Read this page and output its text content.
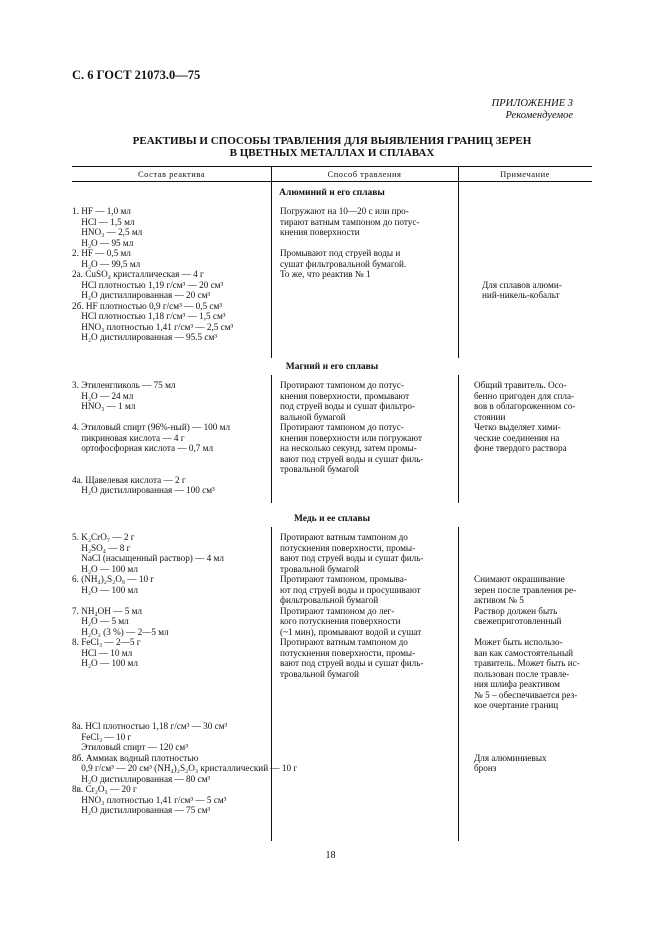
С. 6 ГОСТ 21073.0—75
ПРИЛОЖЕНИЕ 3
Рекомендуемое
РЕАКТИВЫ И СПОСОБЫ ТРАВЛЕНИЯ ДЛЯ ВЫЯВЛЕНИЯ ГРАНИЦ ЗЕРЕН
В ЦВЕТНЫХ МЕТАЛЛАХ И СПЛАВАХ
Состав реактива	Способ травления	Примечание
Алюминий и его сплавы
1. HF — 1,0 мл
HCl — 1,5 мл
HNO₃ — 2,5 мл
H₂O — 95 мл
2. HF — 0,5 мл
H₂O — 99,5 мл
2а. CuSO₄ кристаллическая — 4 г
HCl плотностью 1,19 г/см³ — 20 см³
H₂O дистиллированная — 20 см³
2б. HF плотностью 0,9 г/см³ — 0,5 см³
HCl плотностью 1,18 г/см³ — 1,5 см³
HNO₃ плотностью 1,41 г/см³ — 2,5 см³
H₂O дистиллированная — 95.5 см³
Погружают на 10—20 с или про-
тирают ватным тампоном до потус-
кнения поверхности

Промывают под струей воды и
сушат фильтровальной бумагой.
То же, что реактив № 1

Для сплавов алюми-
ний-никель-кобальт
Магний и его сплавы
3. Этиленгликоль — 75 мл
H₂O — 24 мл
HNO₃ — 1 мл

4. Этиловый спирт (96%-ный) — 100 мл
пикриновая кислота — 4 г
ортофосфорная кислота — 0,7 мл

4а. Щавелевая кислота — 2 г
H₂O дистиллированная — 100 см³
Протирают тампоном до потус-
кнения поверхности, промывают
под струей воды и сушат фильтро-
вальной бумагой
Протирают тампоном до потус-
кнения поверхности или погружают
на несколько секунд, затем промы-
вают под струей воды и сушат филь-
тровальной бумагой
Общий травитель. Осо-
бенно пригоден для спла-
вов в облагороженном со-
стоянии
Четко выделяет хими-
ческие соединения на
фоне твердого раствора
Медь и ее сплавы
5. K₂CrO₇ — 2 г
H₂SO₄ — 8 г
NaCl (насыщенный раствор) — 4 мл
H₂O — 100 мл
6. (NH₄)₂S₂O₈ — 10 г
H₂O — 100 мл

7. NH₄OH — 5 мл
H₂O — 5 мл
H₂O₂ (3 %) — 2—5 мл
8. FeCl₃ — 2—5 г
HCl — 10 мл
H₂O — 100 мл

8а. HCl плотностью 1,18 г/см³ — 30 см³
FeCl₃ — 10 г
Этиловый спирт — 120 см³
8б. Аммиак водный плотностью
0,9 г/см³ — 20 см³ (NH₄)₂S₂O₃ кристаллический — 10 г
H₂O дистиллированная — 80 см³
8в. Cr₂O₃ — 20 г
HNO₃ плотностью 1,41 г/см³ — 5 см³
H₂O дистиллированная — 75 см³
Протирают ватным тампоном до
потускнения поверхности, промы-
вают под струей воды и сушат филь-
тровальной бумагой
Протирают тампоном, промыва-
ют под струей воды и просушивают
фильтровальной бумагой
Протирают тампоном до лег-
кого потускнения поверхности
(~1 мин), промывают водой и сушат
Протирают ватным тампоном до
потускнения поверхности, промы-
вают под струей воды и сушат филь-
тровальной бумагой

Снимают окрашивание
зерен после травления ре-
активом № 5
Раствор должен быть
свежеприготовленный

Может быть использо-
ван как самостоятельный
травитель. Может быть ис-
пользован после травле-
ния шлифа реактивом
№ 5 – обеспечивается рез-
кое очертание границ

Для алюминиевых
бронз
18
